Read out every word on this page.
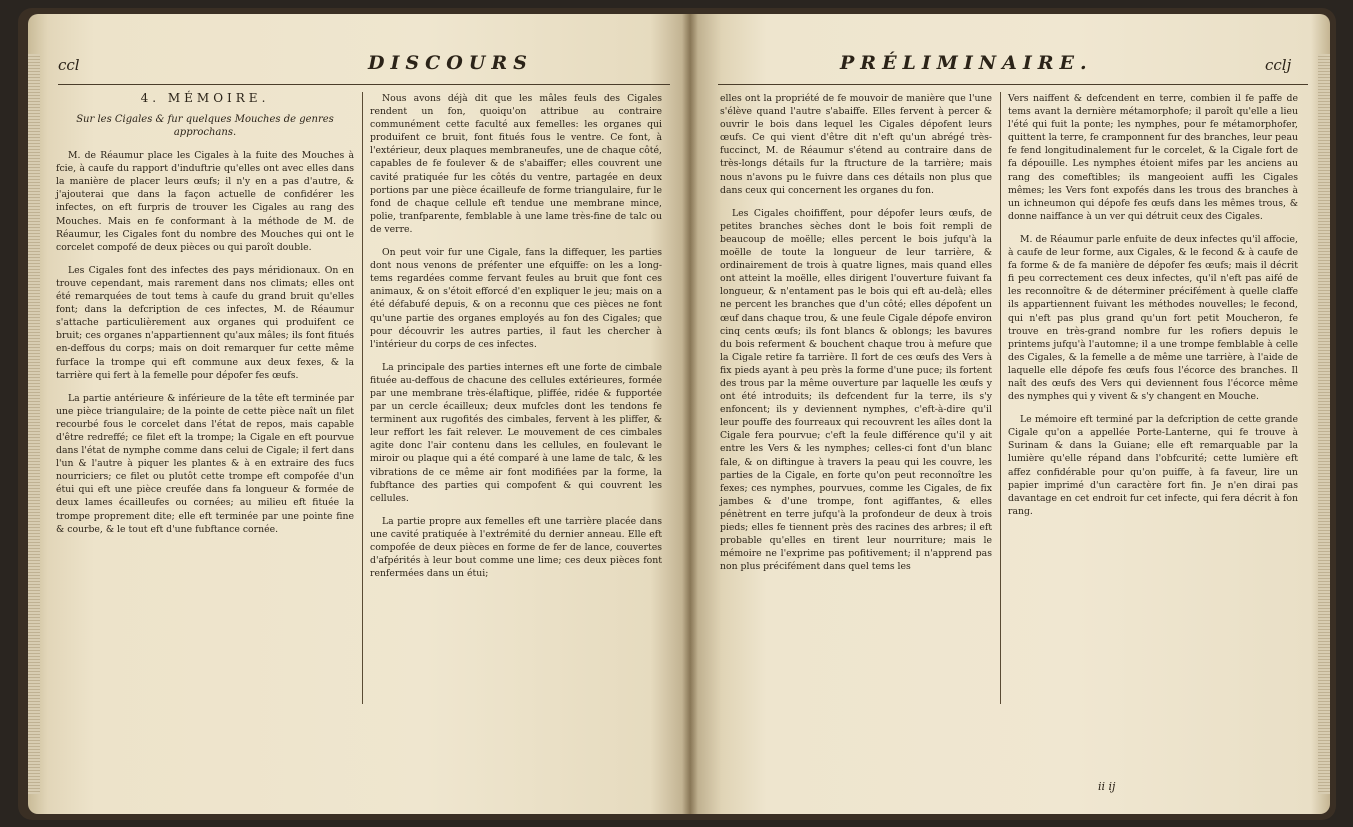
ccl	DISCOURS
4. MÉMOIRE.
Sur les Cigales & fur quelques Mouches de genres approchans.

M. de Réaumur place les Cigales à la fuite des Mouches à fcie, à caufe du rapport d'induftrie qu'elles ont avec elles dans la manière de placer leurs œufs; il n'y en a pas d'autre, & j'ajouterai que dans la façon actuelle de confidérer les infectes, on eft furpris de trouver les Cigales au rang des Mouches. Mais en fe conformant à la méthode de M. de Réaumur, les Cigales font du nombre des Mouches qui ont le corcelet compofé de deux pièces ou qui paroît double.

Les Cigales font des infectes des pays méridionaux. On en trouve cependant, mais rarement dans nos climats; elles ont été remarquées de tout tems à caufe du grand bruit qu'elles font; dans la defcription de ces infectes, M. de Réaumur s'attache particulièrement aux organes qui produifent ce bruit; ces organes n'appartiennent qu'aux mâles; ils font fitués en-deffous du corps; mais on doit remarquer fur cette même furface la trompe qui eft commune aux deux fexes, & la tarrière qui fert à la femelle pour dépofer fes œufs.

La partie antérieure & inférieure de la tête eft terminée par une pièce triangulaire; de la pointe de cette pièce naît un filet recourbé fous le corcelet dans l'état de repos, mais capable d'être redreffé; ce filet eft la trompe; la Cigale en eft pourvue dans l'état de nymphe comme dans celui de Cigale; il fert dans l'un & l'autre à piquer les plantes & à en extraire des fucs nourriciers; ce filet ou plutôt cette trompe eft compofée d'un étui qui eft une pièce creufée dans fa longueur & formée de deux lames écailleufes ou cornées; au milieu eft fituée la trompe proprement dite; elle eft terminée par une pointe fine & courbe, & le tout eft d'une fubftance cornée.

Nous avons déjà dit que les mâles feuls des Cigales rendent un fon, quoiqu'on attribue au contraire communément cette faculté aux femelles: les organes qui produifent ce bruit, font fitués fous le ventre. Ce font, à l'extérieur, deux plaques membraneufes, une de chaque côté, capables de fe foulever & de s'abaiffer; elles couvrent une cavité pratiquée fur les côtés du ventre, partagée en deux portions par une pièce écailleufe de forme triangulaire, fur le fond de chaque cellule eft tendue une membrane mince, polie, tranfparente, femblable à une lame très-fine de talc ou de verre.

On peut voir fur une Cigale, fans la diffequer, les parties dont nous venons de préfenter une efquiffe: on les a long-tems regardées comme fervant feules au bruit que font ces animaux, & on s'étoit efforcé d'en expliquer le jeu; mais on a été défabufé depuis, & on a reconnu que ces pièces ne font qu'une partie des organes employés au fon des Cigales; que pour découvrir les autres parties, il faut les chercher à l'intérieur du corps de ces infectes.

La principale des parties internes eft une forte de cimbale fituée au-deffous de chacune des cellules extérieures, formée par une membrane très-élaftique, pliffée, ridée & fupportée par un cercle écailleux; deux mufcles dont les tendons fe terminent aux rugofités des cimbales, fervent à les pliffer, & leur reffort les fait relever. Le mouvement de ces cimbales agite donc l'air contenu dans les cellules, en foulevant le miroir ou plaque qui a été comparé à une lame de talc, & les vibrations de ce même air font modifiées par la forme, la fubftance des parties qui compofent & qui couvrent les cellules.

La partie propre aux femelles eft une tarrière placée dans une cavité pratiquée à l'extrémité du dernier anneau. Elle eft compofée de deux pièces en forme de fer de lance, couvertes d'afpérités à leur bout comme une lime; ces deux pièces font renfermées dans un étui;

PRÉLIMINAIRE.	cclj

elles ont la propriété de fe mouvoir de manière que l'une s'élève quand l'autre s'abaiffe. Elles fervent à percer & ouvrir le bois dans lequel les Cigales dépofent leurs œufs. Ce qui vient d'être dit n'eft qu'un abrégé très-fuccinct, M. de Réaumur s'étend au contraire dans de très-longs détails fur la ftructure de la tarrière; mais nous n'avons pu le fuivre dans ces détails non plus que dans ceux qui concernent les organes du fon.

Les Cigales choififfent, pour dépofer leurs œufs, de petites branches sèches dont le bois foit rempli de beaucoup de moëlle; elles percent le bois jufqu'à la moëlle de toute la longueur de leur tarrière, & ordinairement de trois à quatre lignes, mais quand elles ont atteint la moëlle, elles dirigent l'ouverture fuivant fa longueur, & n'entament pas le bois qui eft au-delà; elles ne percent les branches que d'un côté; elles dépofent un œuf dans chaque trou, & une feule Cigale dépofe environ cinq cents œufs; ils font blancs & oblongs; les bavures du bois referment & bouchent chaque trou à mefure que la Cigale retire fa tarrière. Il fort de ces œufs des Vers à fix pieds ayant à peu près la forme d'une puce; ils fortent des trous par la même ouverture par laquelle les œufs y ont été introduits; ils defcendent fur la terre, ils s'y enfoncent; ils y deviennent nymphes, c'eft-à-dire qu'il leur pouffe des fourreaux qui recouvrent les aîles dont la Cigale fera pourvue; c'eft la feule différence qu'il y ait entre les Vers & les nymphes; celles-ci font d'un blanc fale, & on diftingue à travers la peau qui les couvre, les parties de la Cigale, en forte qu'on peut reconnoître les fexes; ces nymphes, pourvues, comme les Cigales, de fix jambes & d'une trompe, font agiffantes, & elles pénètrent en terre jufqu'à la profondeur de deux à trois pieds; elles fe tiennent près des racines des arbres; il eft probable qu'elles en tirent leur nourriture; mais le mémoire ne l'exprime pas pofitivement; il n'apprend pas non plus précifément dans quel tems les

Vers naiffent & defcendent en terre, combien il fe paffe de tems avant la dernière métamorphofe; il paroît qu'elle a lieu l'été qui fuit la ponte; les nymphes, pour fe métamorphofer, quittent la terre, fe cramponnent fur des branches, leur peau fe fend longitudinalement fur le corcelet, & la Cigale fort de fa dépouille. Les nymphes étoient mifes par les anciens au rang des comeftibles; ils mangeoient auffi les Cigales mêmes; les Vers font expofés dans les trous des branches à un ichneumon qui dépofe fes œufs dans les mêmes trous, & donne naiffance à un ver qui détruit ceux des Cigales.

M. de Réaumur parle enfuite de deux infectes qu'il affocie, à caufe de leur forme, aux Cigales, & le fecond & à caufe de fa forme & de fa manière de dépofer fes œufs; mais il décrit fi peu correctement ces deux infectes, qu'il n'eft pas aifé de les reconnoître & de déterminer précifément à quelle claffe ils appartiennent fuivant les méthodes nouvelles; le fecond, qui n'eft pas plus grand qu'un fort petit Moucheron, fe trouve en très-grand nombre fur les rofiers depuis le printems jufqu'à l'automne; il a une trompe femblable à celle des Cigales, & la femelle a de même une tarrière, à l'aide de laquelle elle dépofe fes œufs fous l'écorce des branches. Il naît des œufs des Vers qui deviennent fous l'écorce même des nymphes qui y vivent & s'y changent en Mouche.

Le mémoire eft terminé par la defcription de cette grande Cigale qu'on a appellée Porte-Lanterne, qui fe trouve à Surinam & dans la Guiane; elle eft remarquable par la lumière qu'elle répand dans l'obfcurité; cette lumière eft affez confidérable pour qu'on puiffe, à fa faveur, lire un papier imprimé d'un caractère fort fin. Je n'en dirai pas davantage en cet endroit fur cet infecte, qui fera décrit à fon rang.

ii ij
